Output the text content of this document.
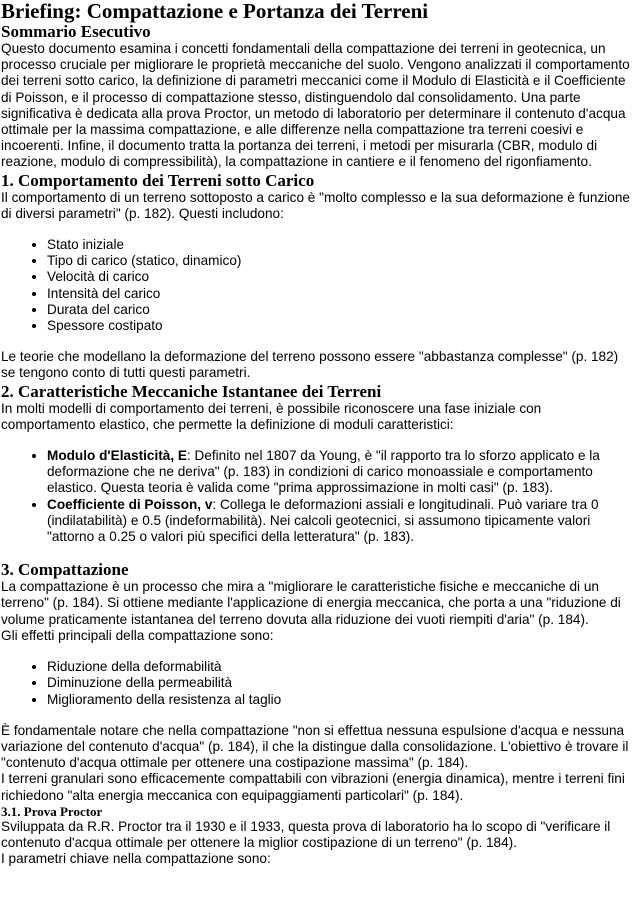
Briefing: Compattazione e Portanza dei Terreni
Sommario Esecutivo

Questo documento esamina i concetti fondamentali della compattazione dei terreni in geotecnica, un processo cruciale per migliorare le proprietà meccaniche del suolo. Vengono analizzati il comportamento dei terreni sotto carico, la definizione di parametri meccanici come il Modulo di Elasticità e il Coefficiente di Poisson, e il processo di compattazione stesso, distinguendolo dal consolidamento. Una parte significativa è dedicata alla prova Proctor, un metodo di laboratorio per determinare il contenuto d'acqua ottimale per la massima compattazione, e alle differenze nella compattazione tra terreni coesivi e incoerenti. Infine, il documento tratta la portanza dei terreni, i metodi per misurarla (CBR, modulo di reazione, modulo di compressibilità), la compattazione in cantiere e il fenomeno del rigonfiamento.

1. Comportamento dei Terreni sotto Carico

Il comportamento di un terreno sottoposto a carico è "molto complesso e la sua deformazione è funzione di diversi parametri" (p. 182). Questi includono:

• Stato iniziale
• Tipo di carico (statico, dinamico)
• Velocità di carico
• Intensità del carico
• Durata del carico
• Spessore costipato

Le teorie che modellano la deformazione del terreno possono essere "abbastanza complesse" (p. 182) se tengono conto di tutti questi parametri.

2. Caratteristiche Meccaniche Istantanee dei Terreni

In molti modelli di comportamento dei terreni, è possibile riconoscere una fase iniziale con comportamento elastico, che permette la definizione di moduli caratteristici:

• Modulo d'Elasticità, E: Definito nel 1807 da Young, è "il rapporto tra lo sforzo applicato e la deformazione che ne deriva" (p. 183) in condizioni di carico monoassiale e comportamento elastico. Questa teoria è valida come "prima approssimazione in molti casi" (p. 183).
• Coefficiente di Poisson, v: Collega le deformazioni assiali e longitudinali. Può variare tra 0 (indilatabilità) e 0.5 (indeformabilità). Nei calcoli geotecnici, si assumono tipicamente valori "attorno a 0.25 o valori più specifici della letteratura" (p. 183).
3. Compattazione

La compattazione è un processo che mira a "migliorare le caratteristiche fisiche e meccaniche di un terreno" (p. 184). Si ottiene mediante l'applicazione di energia meccanica, che porta a una "riduzione di volume praticamente istantanea del terreno dovuta alla riduzione dei vuoti riempiti d'aria" (p. 184).

Gli effetti principali della compattazione sono:

• Riduzione della deformabilità
• Diminuzione della permeabilità
• Miglioramento della resistenza al taglio

È fondamentale notare che nella compattazione "non si effettua nessuna espulsione d'acqua e nessuna variazione del contenuto d'acqua" (p. 184), il che la distingue dalla consolidazione. L'obiettivo è trovare il "contenuto d'acqua ottimale per ottenere una costipazione massima" (p. 184).

I terreni granulari sono efficacemente compattabili con vibrazioni (energia dinamica), mentre i terreni fini richiedono "alta energia meccanica con equipaggiamenti particolari" (p. 184).

3.1. Prova Proctor

Sviluppata da R.R. Proctor tra il 1930 e il 1933, questa prova di laboratorio ha lo scopo di "verificare il contenuto d'acqua ottimale per ottenere la miglior costipazione di un terreno" (p. 184).

I parametri chiave nella compattazione sono:
